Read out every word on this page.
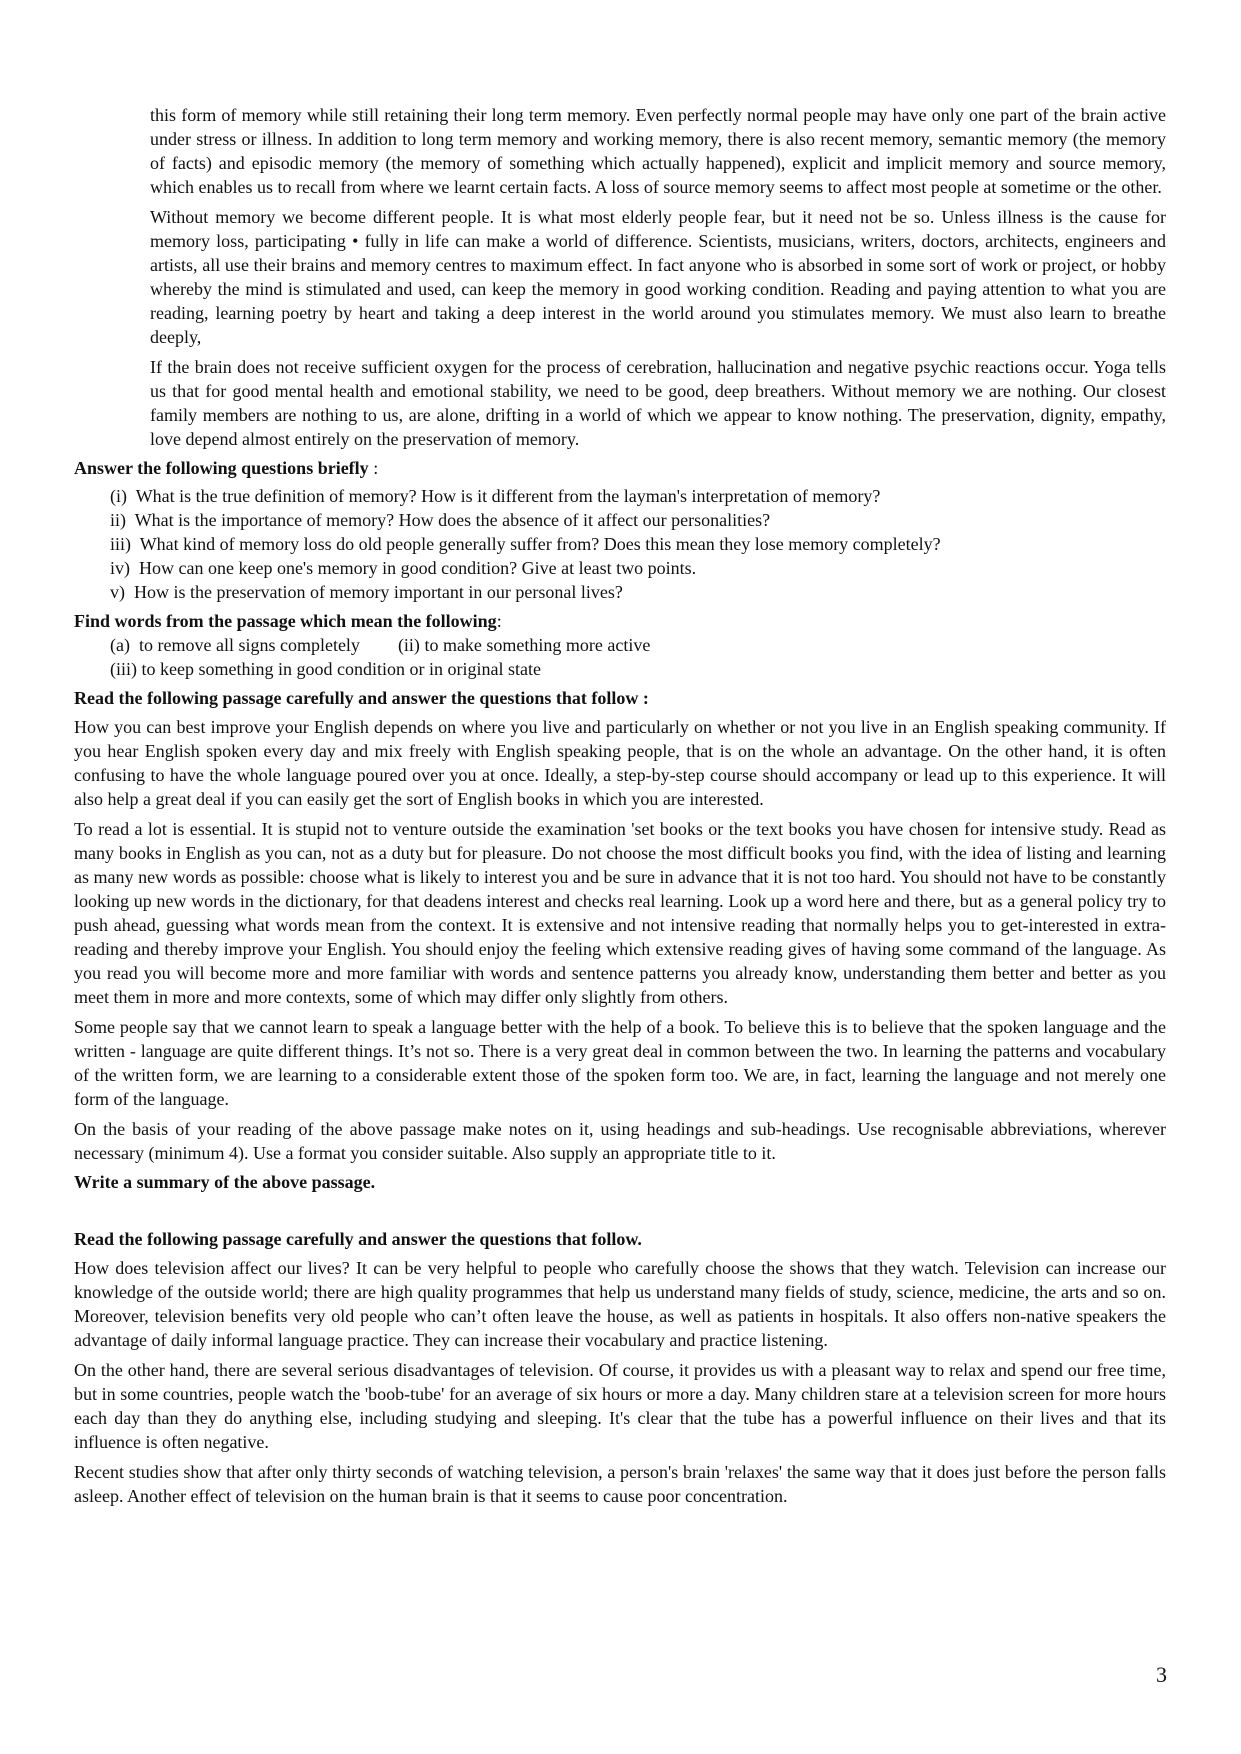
this form of memory while still retaining their long term memory. Even perfectly normal people may have only one part of the brain active under stress or illness. In addition to long term memory and working memory, there is also recent memory, semantic memory (the memory of facts) and episodic memory (the memory of something which actually happened), explicit and implicit memory and source memory, which enables us to recall from where we learnt certain facts. A loss of source memory seems to affect most people at sometime or the other.

Without memory we become different people. It is what most elderly people fear, but it need not be so. Unless illness is the cause for memory loss, participating • fully in life can make a world of difference. Scientists, musicians, writers, doctors, architects, engineers and artists, all use their brains and memory centres to maximum effect. In fact anyone who is absorbed in some sort of work or project, or hobby whereby the mind is stimulated and used, can keep the memory in good working condition. Reading and paying attention to what you are reading, learning poetry by heart and taking a deep interest in the world around you stimulates memory. We must also learn to breathe deeply,

If the brain does not receive sufficient oxygen for the process of cerebration, hallucination and negative psychic reactions occur. Yoga tells us that for good mental health and emotional stability, we need to be good, deep breathers. Without memory we are nothing. Our closest family members are nothing to us, are alone, drifting in a world of which we appear to know nothing. The preservation, dignity, empathy, love depend almost entirely on the preservation of memory.

Answer the following questions briefly :
(i) What is the true definition of memory? How is it different from the layman's interpretation of memory?
ii) What is the importance of memory? How does the absence of it affect our personalities?
iii) What kind of memory loss do old people generally suffer from? Does this mean they lose memory completely?
iv) How can one keep one's memory in good condition? Give at least two points.
v) How is the preservation of memory important in our personal lives?
Find words from the passage which mean the following:
(a) to remove all signs completely (ii) to make something more active
(iii) to keep something in good condition or in original state
Read the following passage carefully and answer the questions that follow :

How you can best improve your English depends on where you live and particularly on whether or not you live in an English speaking community. If you hear English spoken every day and mix freely with English speaking people, that is on the whole an advantage. On the other hand, it is often confusing to have the whole language poured over you at once. Ideally, a step-by-step course should accompany or lead up to this experience. It will also help a great deal if you can easily get the sort of English books in which you are interested.

To read a lot is essential. It is stupid not to venture outside the examination 'set books or the text books you have chosen for intensive study. Read as many books in English as you can, not as a duty but for pleasure. Do not choose the most difficult books you find, with the idea of listing and learning as many new words as possible: choose what is likely to interest you and be sure in advance that it is not too hard. You should not have to be constantly looking up new words in the dictionary, for that deadens interest and checks real learning. Look up a word here and there, but as a general policy try to push ahead, guessing what words mean from the context. It is extensive and not intensive reading that normally helps you to get-interested in extra-reading and thereby improve your English. You should enjoy the feeling which extensive reading gives of having some command of the language. As you read you will become more and more familiar with words and sentence patterns you already know, understanding them better and better as you meet them in more and more contexts, some of which may differ only slightly from others.

Some people say that we cannot learn to speak a language better with the help of a book. To believe this is to believe that the spoken language and the written - language are quite different things. It’s not so. There is a very great deal in common between the two. In learning the patterns and vocabulary of the written form, we are learning to a considerable extent those of the spoken form too. We are, in fact, learning the language and not merely one form of the language.

On the basis of your reading of the above passage make notes on it, using headings and sub-headings. Use recognisable abbreviations, wherever necessary (minimum 4). Use a format you consider suitable. Also supply an appropriate title to it.

Write a summary of the above passage.
Read the following passage carefully and answer the questions that follow.

How does television affect our lives? It can be very helpful to people who carefully choose the shows that they watch. Television can increase our knowledge of the outside world; there are high quality programmes that help us understand many fields of study, science, medicine, the arts and so on. Moreover, television benefits very old people who can’t often leave the house, as well as patients in hospitals. It also offers non-native speakers the advantage of daily informal language practice. They can increase their vocabulary and practice listening.

On the other hand, there are several serious disadvantages of television. Of course, it provides us with a pleasant way to relax and spend our free time, but in some countries, people watch the 'boob-tube' for an average of six hours or more a day. Many children stare at a television screen for more hours each day than they do anything else, including studying and sleeping. It's clear that the tube has a powerful influence on their lives and that its influence is often negative.

Recent studies show that after only thirty seconds of watching television, a person's brain 'relaxes' the same way that it does just before the person falls asleep. Another effect of television on the human brain is that it seems to cause poor concentration.

3
